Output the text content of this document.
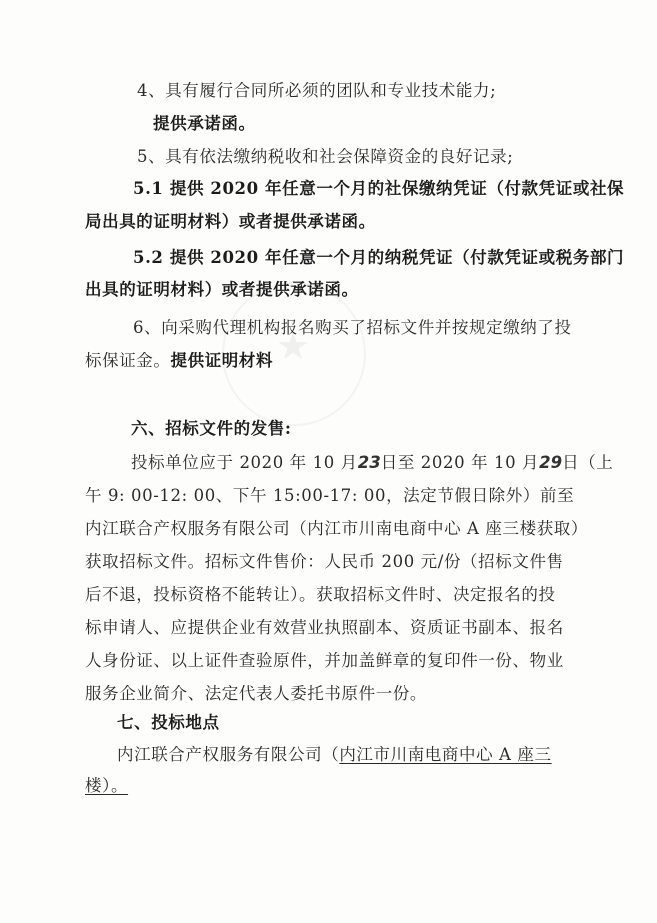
★
4、具有履行合同所必须的团队和专业技术能力;
提供承诺函。
5、具有依法缴纳税收和社会保障资金的良好记录;
5.1 提供 2020 年任意一个月的社保缴纳凭证（付款凭证或社保
局出具的证明材料）或者提供承诺函。
5.2 提供 2020 年任意一个月的纳税凭证（付款凭证或税务部门
出具的证明材料）或者提供承诺函。
6、向采购代理机构报名购买了招标文件并按规定缴纳了投
标保证金。提供证明材料
六、招标文件的发售:
投标单位应于 2020 年 10 月23日至 2020 年 10 月29日（上
午 9: 00-12: 00、下午 15:00-17: 00，法定节假日除外）前至
内江联合产权服务有限公司（内江市川南电商中心 A 座三楼获取）
获取招标文件。招标文件售价：人民币 200 元/份（招标文件售
后不退，投标资格不能转让）。获取招标文件时、决定报名的投
标申请人、应提供企业有效营业执照副本、资质证书副本、报名
人身份证、以上证件查验原件，并加盖鲜章的复印件一份、物业
服务企业简介、法定代表人委托书原件一份。
七、投标地点
内江联合产权服务有限公司（内江市川南电商中心 A 座三
楼）。
